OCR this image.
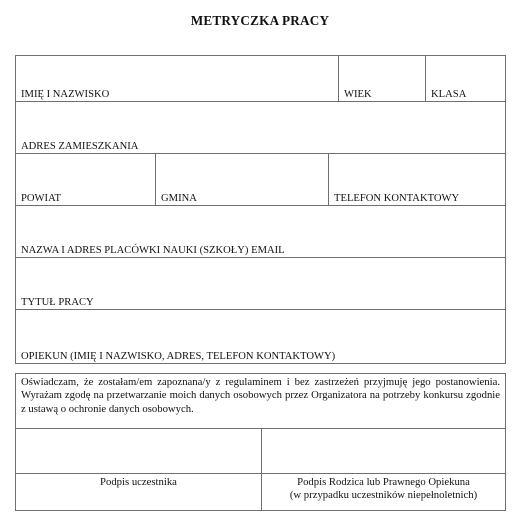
METRYCZKA PRACY
IMIĘ I NAZWISKO			WIEK	KLASA
ADRES ZAMIESZKANIA				
POWIAT	GMINA	TELEFON KONTAKTOWY		
NAZWA I ADRES PLACÓWKI NAUKI (SZKOŁY) EMAIL				
TYTUŁ PRACY				
OPIEKUN (IMIĘ I NAZWISKO, ADRES, TELEFON KONTAKTOWY)				
Oświadczam, że zostałam/em zapoznana/y z regulaminem i bez zastrzeżeń przyjmuję jego postanowienia. Wyrażam zgodę na przetwarzanie moich danych osobowych przez Organizatora na potrzeby konkursu zgodnie z ustawą o ochronie danych osobowych.	

Podpis uczestnika	Podpis Rodzica lub Prawnego Opiekuna
(w przypadku uczestników niepełnoletnich)
